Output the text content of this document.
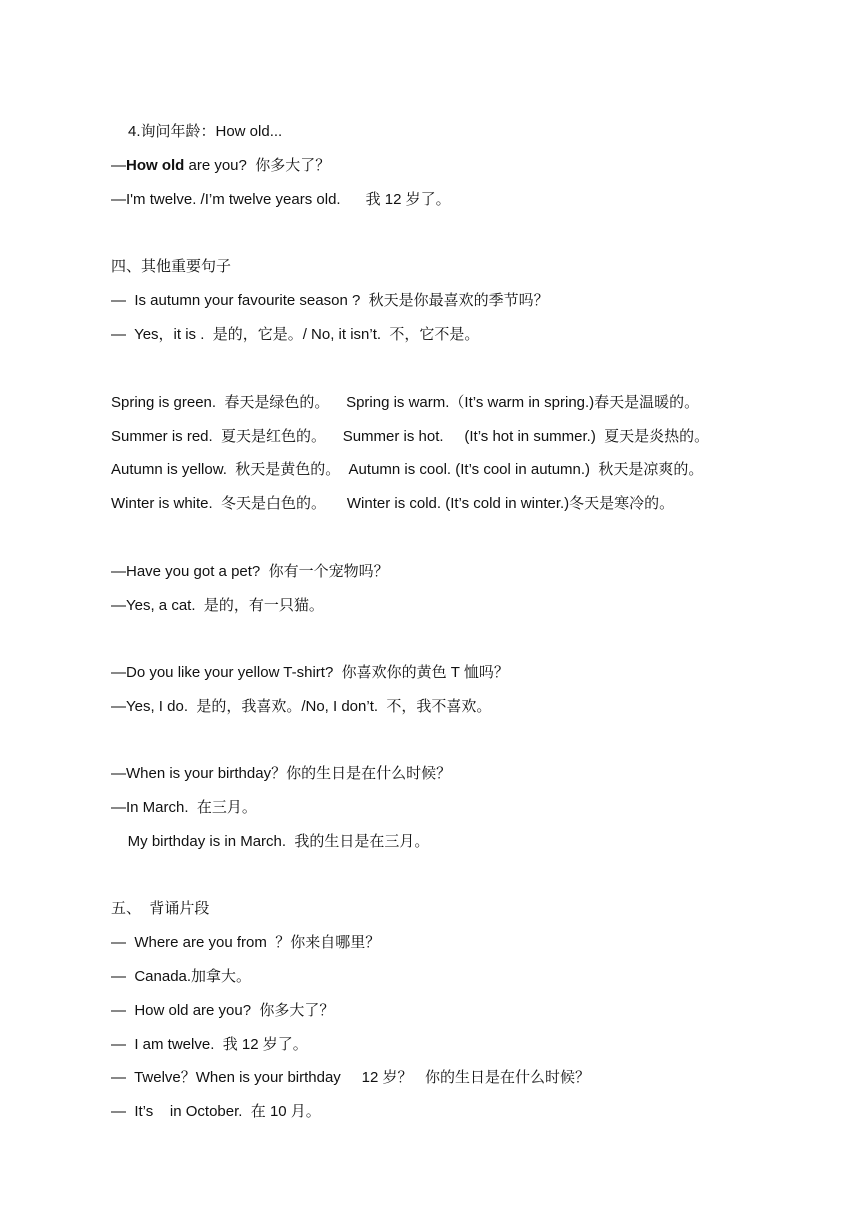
4.询问年龄：How old...
—How old are you?  你多大了？
—I'm twelve. /I’m twelve years old.      我 12 岁了。
四、其他重要句子
—  Is autumn your favourite season ?  秋天是你最喜欢的季节吗？
—  Yes，it is .  是的，它是。/ No, it isn’t.  不，它不是。
Spring is green.  春天是绿色的。    Spring is warm.（It’s warm in spring.)春天是温暖的。
Summer is red.  夏天是红色的。    Summer is hot.     (It’s hot in summer.)  夏天是炎热的。
Autumn is yellow.  秋天是黄色的。  Autumn is cool. (It’s cool in autumn.)  秋天是凉爽的。
Winter is white.  冬天是白色的。     Winter is cold. (It’s cold in winter.)冬天是寒冷的。
—Have you got a pet?  你有一个宠物吗？
—Yes, a cat.  是的，有一只猫。
—Do you like your yellow T-shirt?  你喜欢你的黄色 T 恤吗？
—Yes, I do.  是的，我喜欢。/No, I don’t.  不，我不喜欢。
—When is your birthday？你的生日是在什么时候？
—In March.  在三月。
My birthday is in March.  我的生日是在三月。
五、  背诵片段
—  Where are you from  ？你来自哪里？
—  Canada.加拿大。
—  How old are you?  你多大了？
—  I am twelve.  我 12 岁了。
—  Twelve？When is your birthday     12 岁？   你的生日是在什么时候？
—  It’s    in October.  在 10 月。
